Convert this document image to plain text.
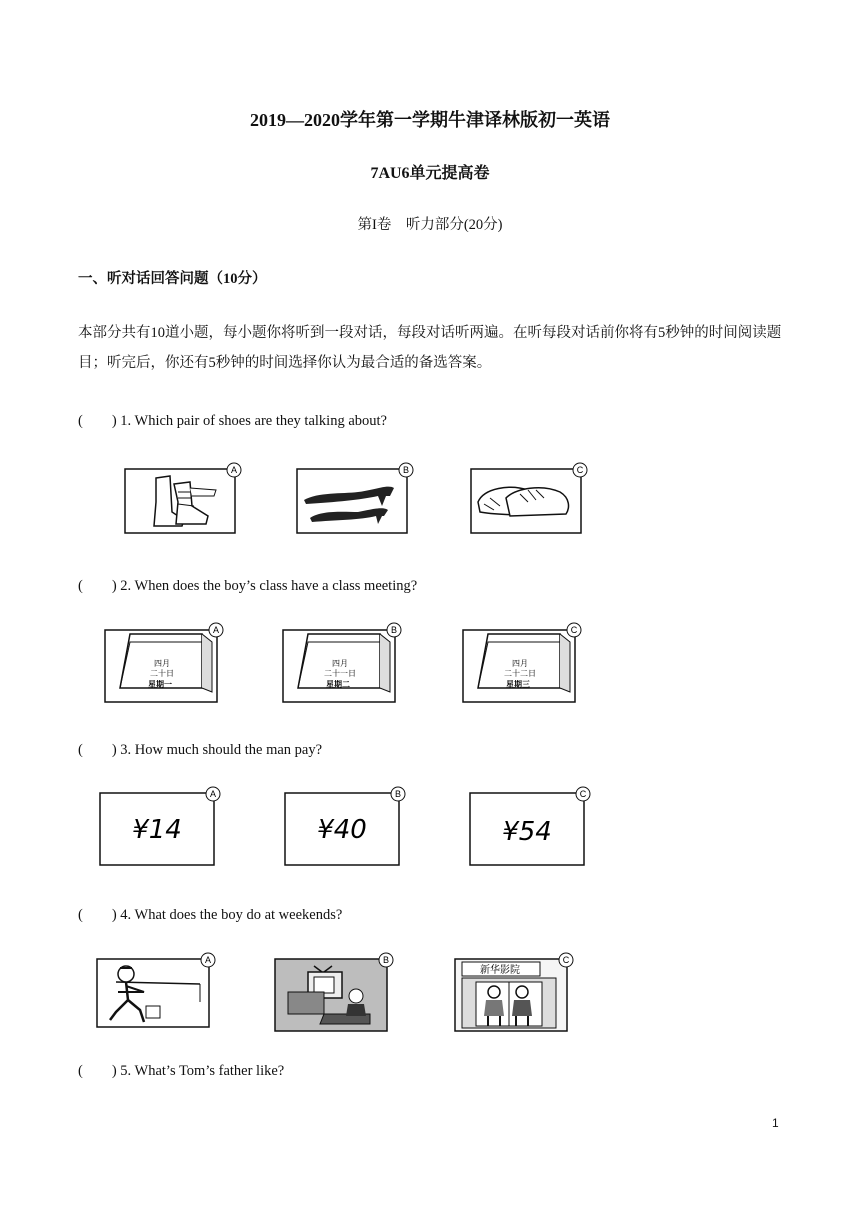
2019—2020学年第一学期牛津译林版初一英语
7AU6单元提高卷
第I卷　听力部分(20分)
一、听对话回答问题（10分）
本部分共有10道小题，每小题你将听到一段对话，每段对话听两遍。在听每段对话前你将有5秒钟的时间阅读题目；听完后，你还有5秒钟的时间选择你认为最合适的备选答案。
(　　) 1. Which pair of shoes are they talking about?
A	B	C
(　　) 2. When does the boy’s class have a class meeting?
A
四月
二十日
星期一
B
四月
二十一日
星期二
C
四月
二十二日
星期三
(　　) 3. How much should the man pay?
A
¥14
B
¥40
C
¥54
(　　) 4. What does the boy do at weekends?
A	B	C
新华影院
(　　) 5. What’s Tom’s father like?
1
